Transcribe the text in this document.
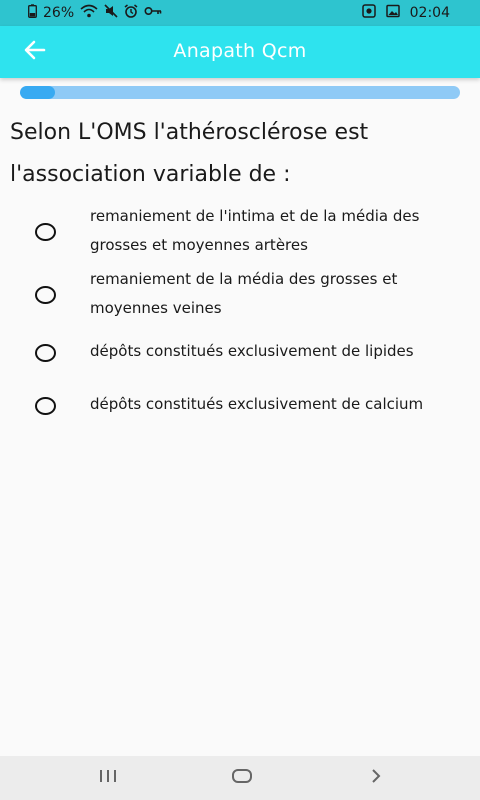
26%	02:04
Anapath Qcm
Selon L'OMS l'athérosclérose est l'association variable de :
remaniement de l'intima et de la média des grosses et moyennes artères
remaniement de la média des grosses et moyennes veines
dépôts constitués exclusivement de lipides
dépôts constitués exclusivement de calcium
